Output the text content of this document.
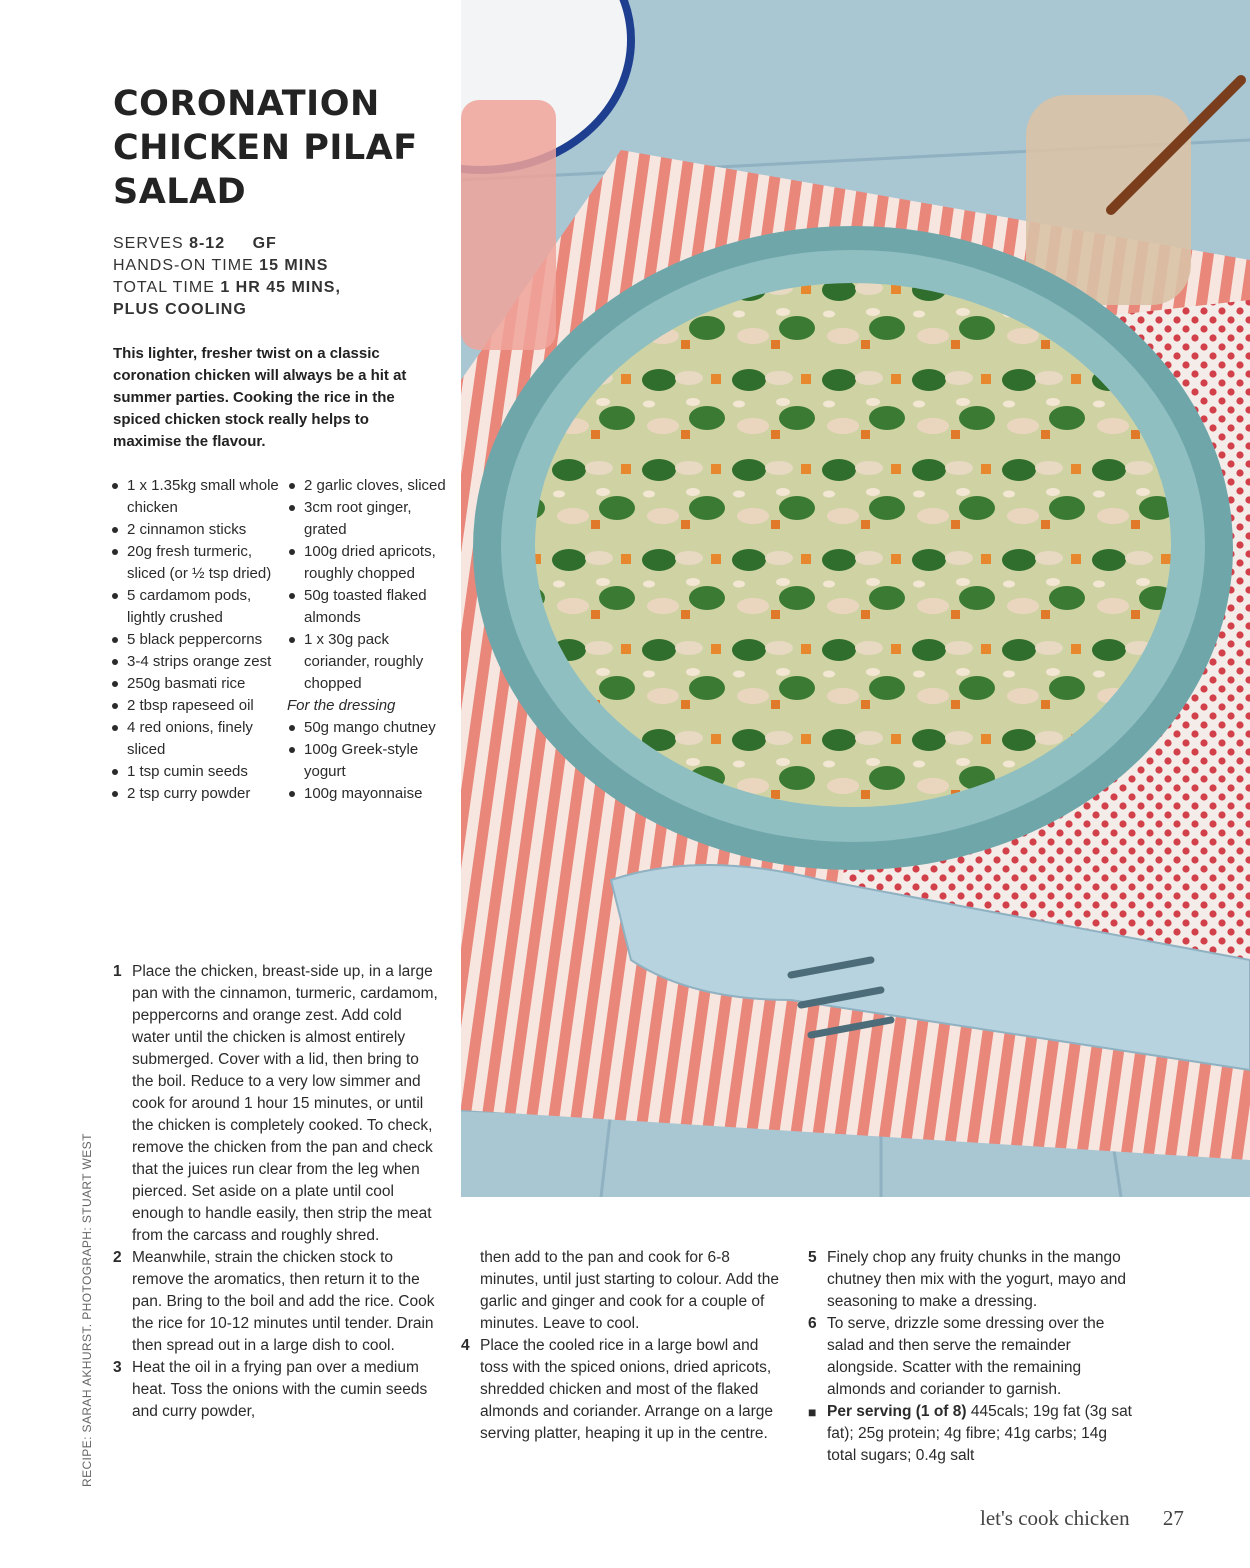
CORONATION
CHICKEN PILAF
SALAD
SERVES 8-12 GF
HANDS-ON TIME 15 MINS
TOTAL TIME 1 HR 45 MINS,
PLUS COOLING
This lighter, fresher twist on a classic coronation chicken will always be a hit at summer parties. Cooking the rice in the spiced chicken stock really helps to maximise the flavour.
1 x 1.35kg small whole chicken
2 cinnamon sticks
20g fresh turmeric, sliced (or ½ tsp dried)
5 cardamom pods, lightly crushed
5 black peppercorns
3-4 strips orange zest
250g basmati rice
2 tbsp rapeseed oil
4 red onions, finely sliced
1 tsp cumin seeds
2 tsp curry powder
2 garlic cloves, sliced
3cm root ginger, grated
100g dried apricots, roughly chopped
50g toasted flaked almonds
1 x 30g pack coriander, roughly chopped
For the dressing
50g mango chutney
100g Greek-style yogurt
100g mayonnaise
1 Place the chicken, breast-side up, in a large pan with the cinnamon, turmeric, cardamom, peppercorns and orange zest. Add cold water until the chicken is almost entirely submerged. Cover with a lid, then bring to the boil. Reduce to a very low simmer and cook for around 1 hour 15 minutes, or until the chicken is completely cooked. To check, remove the chicken from the pan and check that the juices run clear from the leg when pierced. Set aside on a plate until cool enough to handle easily, then strip the meat from the carcass and roughly shred.
2 Meanwhile, strain the chicken stock to remove the aromatics, then return it to the pan. Bring to the boil and add the rice. Cook the rice for 10-12 minutes until tender. Drain then spread out in a large dish to cool.
3 Heat the oil in a frying pan over a medium heat. Toss the onions with the cumin seeds and curry powder,
then add to the pan and cook for 6-8 minutes, until just starting to colour. Add the garlic and ginger and cook for a couple of minutes. Leave to cool.
4 Place the cooled rice in a large bowl and toss with the spiced onions, dried apricots, shredded chicken and most of the flaked almonds and coriander. Arrange on a large serving platter, heaping it up in the centre.
5 Finely chop any fruity chunks in the mango chutney then mix with the yogurt, mayo and seasoning to make a dressing.
6 To serve, drizzle some dressing over the salad and then serve the remainder alongside. Scatter with the remaining almonds and coriander to garnish.
■ Per serving (1 of 8) 445cals; 19g fat (3g sat fat); 25g protein; 4g fibre; 41g carbs; 14g total sugars; 0.4g salt
RECIPE: SARAH AKHURST. PHOTOGRAPH: STUART WEST
let's cook chicken 27
